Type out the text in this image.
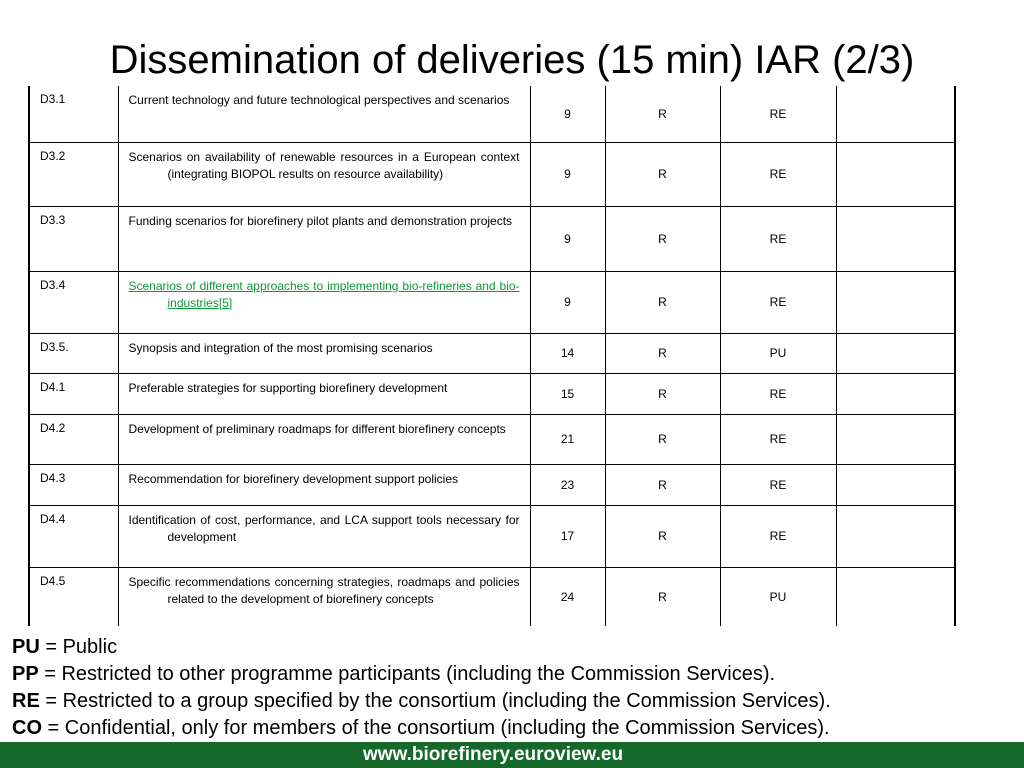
Dissemination of deliveries (15 min) IAR (2/3)
D3.1	Current technology and future technological perspectives and scenarios	9	R	RE	
D3.2	Scenarios on availability of renewable resources in a European context (integrating BIOPOL results on resource availability)	9	R	RE	
D3.3	Funding scenarios for biorefinery pilot plants and demonstration projects	9	R	RE	
D3.4	Scenarios of different approaches to implementing bio-refineries and bio-industries[5]	9	R	RE	
D3.5.	Synopsis and integration of the most promising scenarios	14	R	PU	
D4.1	Preferable strategies for supporting biorefinery development	15	R	RE	
D4.2	Development of preliminary roadmaps for different biorefinery concepts	21	R	RE	
D4.3	Recommendation for biorefinery development support policies	23	R	RE	
D4.4	Identification of cost, performance, and LCA support tools necessary for development	17	R	RE	
D4.5	Specific recommendations concerning strategies, roadmaps and policies related to the development of biorefinery concepts	24	R	PU	
PU = Public
PP = Restricted to other programme participants (including the Commission Services).
RE = Restricted to a group specified by the consortium (including the Commission Services).
CO = Confidential, only for members of the consortium (including the Commission Services).
www.biorefinery.euroview.eu
